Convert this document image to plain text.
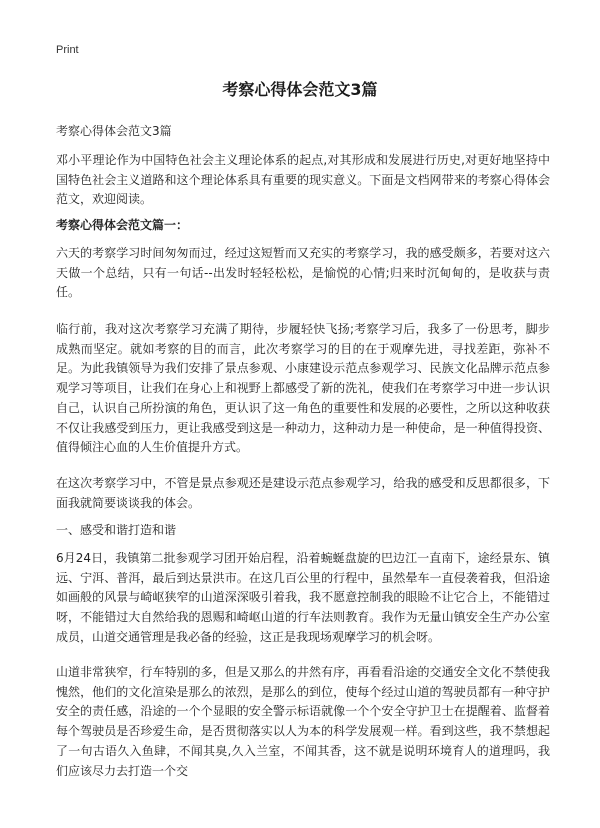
Print
考察心得体会范文3篇
考察心得体会范文3篇

邓小平理论作为中国特色社会主义理论体系的起点,对其形成和发展进行历史,对更好地坚持中国特色社会主义道路和这个理论体系具有重要的现实意义。下面是文档网带来的考察心得体会范文，欢迎阅读。

考察心得体会范文篇一：

六天的考察学习时间匆匆而过，经过这短暂而又充实的考察学习，我的感受颇多，若要对这六天做一个总结，只有一句话--出发时轻轻松松，是愉悦的心情;归来时沉甸甸的，是收获与责任。

临行前，我对这次考察学习充满了期待，步履轻快飞扬;考察学习后，我多了一份思考，脚步成熟而坚定。就如考察的目的而言，此次考察学习的目的在于观摩先进，寻找差距，弥补不足。为此我镇领导为我们安排了景点参观、小康建设示范点参观学习、民族文化品牌示范点参观学习等项目，让我们在身心上和视野上都感受了新的洗礼，使我们在考察学习中进一步认识自己，认识自己所扮演的角色，更认识了这一角色的重要性和发展的必要性，之所以这种收获不仅让我感受到压力，更让我感受到这是一种动力，这种动力是一种使命，是一种值得投资、值得倾注心血的人生价值提升方式。

在这次考察学习中，不管是景点参观还是建设示范点参观学习，给我的感受和反思都很多，下面我就简要谈谈我的体会。

一、感受和谐打造和谐

6月24日，我镇第二批参观学习团开始启程，沿着蜿蜒盘旋的巴边江一直南下，途经景东、镇远、宁洱、普洱，最后到达景洪市。在这几百公里的行程中，虽然晕车一直侵袭着我，但沿途如画般的风景与崎岖狭窄的山道深深吸引着我，我不愿意控制我的眼睑不让它合上，不能错过呀，不能错过大自然给我的恩赐和崎岖山道的行车法则教育。我作为无量山镇安全生产办公室成员，山道交通管理是我必备的经验，这正是我现场观摩学习的机会呀。

山道非常狭窄，行车特别的多，但是又那么的井然有序，再看看沿途的交通安全文化不禁使我愧然，他们的文化渲染是那么的浓烈，是那么的到位，使每个经过山道的驾驶员都有一种守护安全的责任感，沿途的一个个显眼的安全警示标语就像一个个安全守护卫士在提醒着、监督着每个驾驶员是否珍爱生命，是否贯彻落实以人为本的科学发展观一样。看到这些，我不禁想起了一句古语久入鱼肆，不闻其臭,久入兰室，不闻其香，这不就是说明环境育人的道理吗，我们应该尽力去打造一个交
